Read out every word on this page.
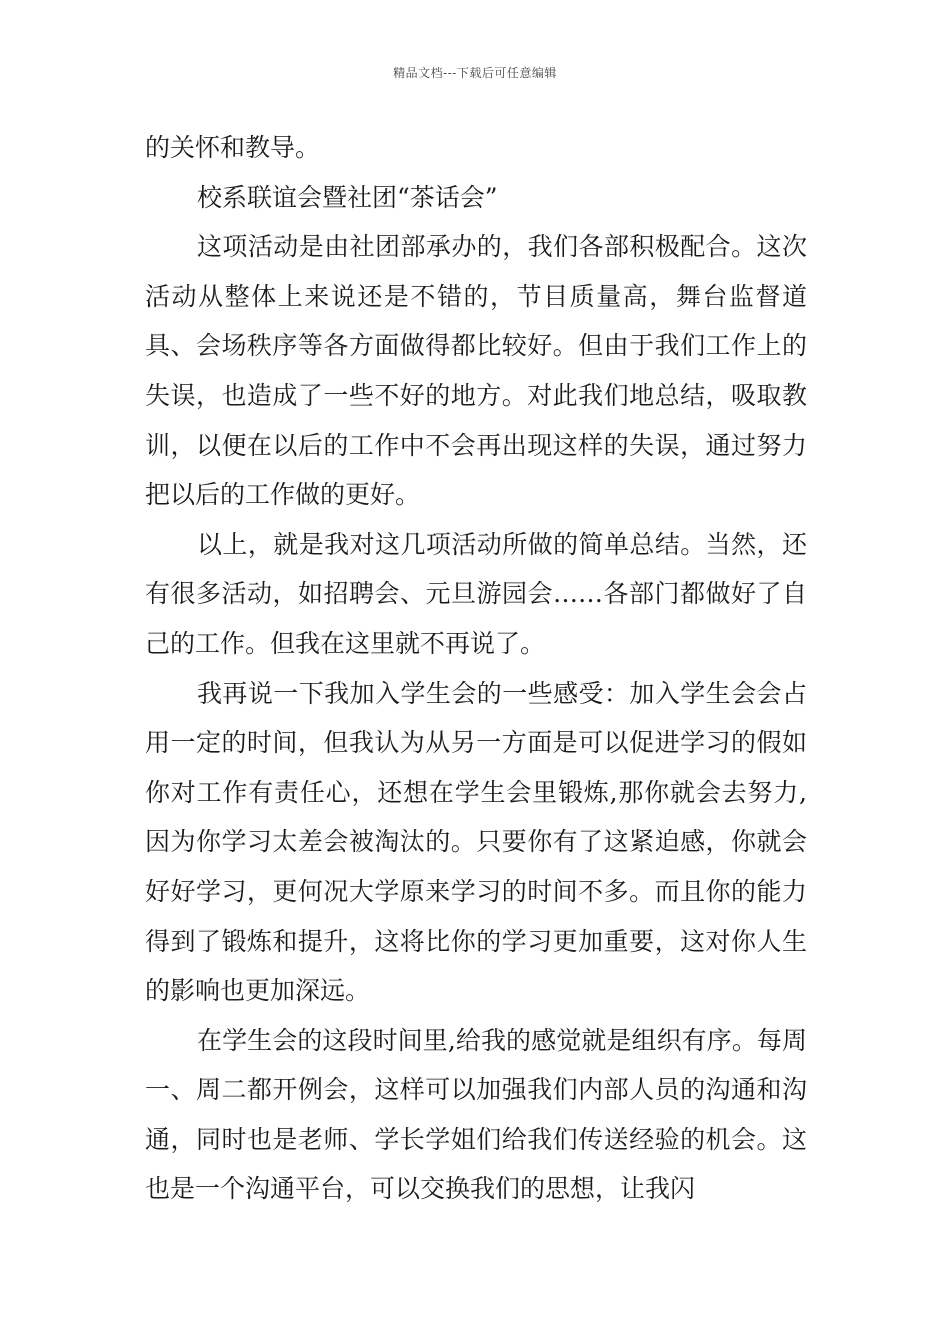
精品文档---下载后可任意编辑

的关怀和教导。

校系联谊会暨社团“茶话会”

这项活动是由社团部承办的，我们各部积极配合。这次活动从整体上来说还是不错的，节目质量高，舞台监督道具、会场秩序等各方面做得都比较好。但由于我们工作上的失误，也造成了一些不好的地方。对此我们地总结，吸取教训，以便在以后的工作中不会再出现这样的失误，通过努力把以后的工作做的更好。

以上，就是我对这几项活动所做的简单总结。当然，还有很多活动，如招聘会、元旦游园会……各部门都做好了自己的工作。但我在这里就不再说了。

我再说一下我加入学生会的一些感受：加入学生会会占用一定的时间，但我认为从另一方面是可以促进学习的假如你对工作有责任心，还想在学生会里锻炼,那你就会去努力,因为你学习太差会被淘汰的。只要你有了这紧迫感，你就会好好学习，更何况大学原来学习的时间不多。而且你的能力得到了锻炼和提升，这将比你的学习更加重要，这对你人生的影响也更加深远。

在学生会的这段时间里,给我的感觉就是组织有序。每周一、周二都开例会，这样可以加强我们内部人员的沟通和沟通，同时也是老师、学长学姐们给我们传送经验的机会。这也是一个沟通平台，可以交换我们的思想，让我闪
